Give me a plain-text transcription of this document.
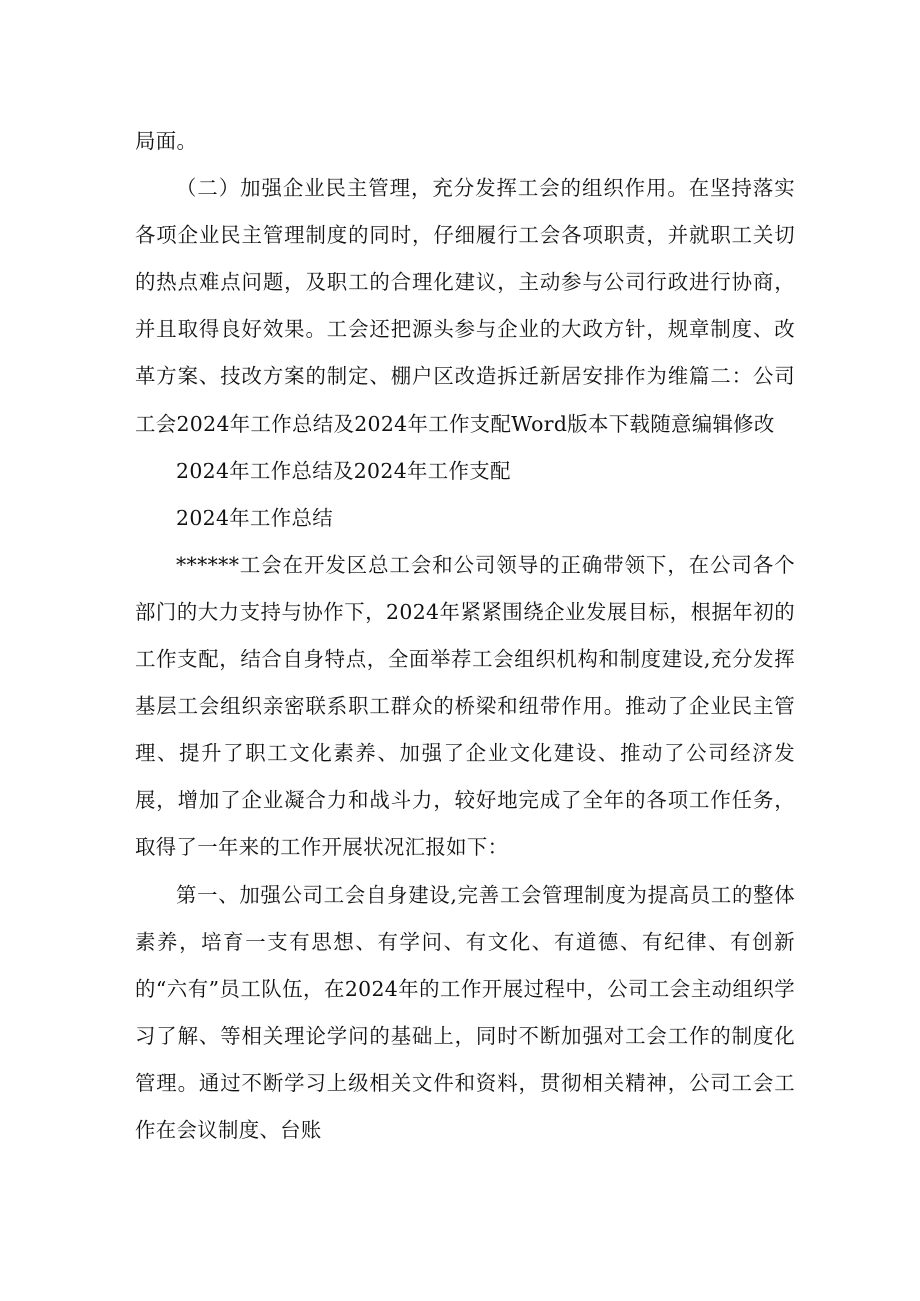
局面。

（二）加强企业民主管理，充分发挥工会的组织作用。在坚持落实各项企业民主管理制度的同时，仔细履行工会各项职责，并就职工关切的热点难点问题，及职工的合理化建议，主动参与公司行政进行协商，并且取得良好效果。工会还把源头参与企业的大政方针，规章制度、改革方案、技改方案的制定、棚户区改造拆迁新居安排作为维篇二：公司工会2024年工作总结及2024年工作支配Word版本下载随意编辑修改

2024年工作总结及2024年工作支配

2024年工作总结

******工会在开发区总工会和公司领导的正确带领下，在公司各个部门的大力支持与协作下，2024年紧紧围绕企业发展目标，根据年初的工作支配，结合自身特点，全面举荐工会组织机构和制度建设,充分发挥基层工会组织亲密联系职工群众的桥梁和纽带作用。推动了企业民主管理、提升了职工文化素养、加强了企业文化建设、推动了公司经济发展，增加了企业凝合力和战斗力，较好地完成了全年的各项工作任务，取得了一年来的工作开展状况汇报如下：

第一、加强公司工会自身建设,完善工会管理制度为提高员工的整体素养，培育一支有思想、有学问、有文化、有道德、有纪律、有创新的“六有”员工队伍，在2024年的工作开展过程中，公司工会主动组织学习了解、等相关理论学问的基础上，同时不断加强对工会工作的制度化管理。通过不断学习上级相关文件和资料，贯彻相关精神，公司工会工作在会议制度、台账
